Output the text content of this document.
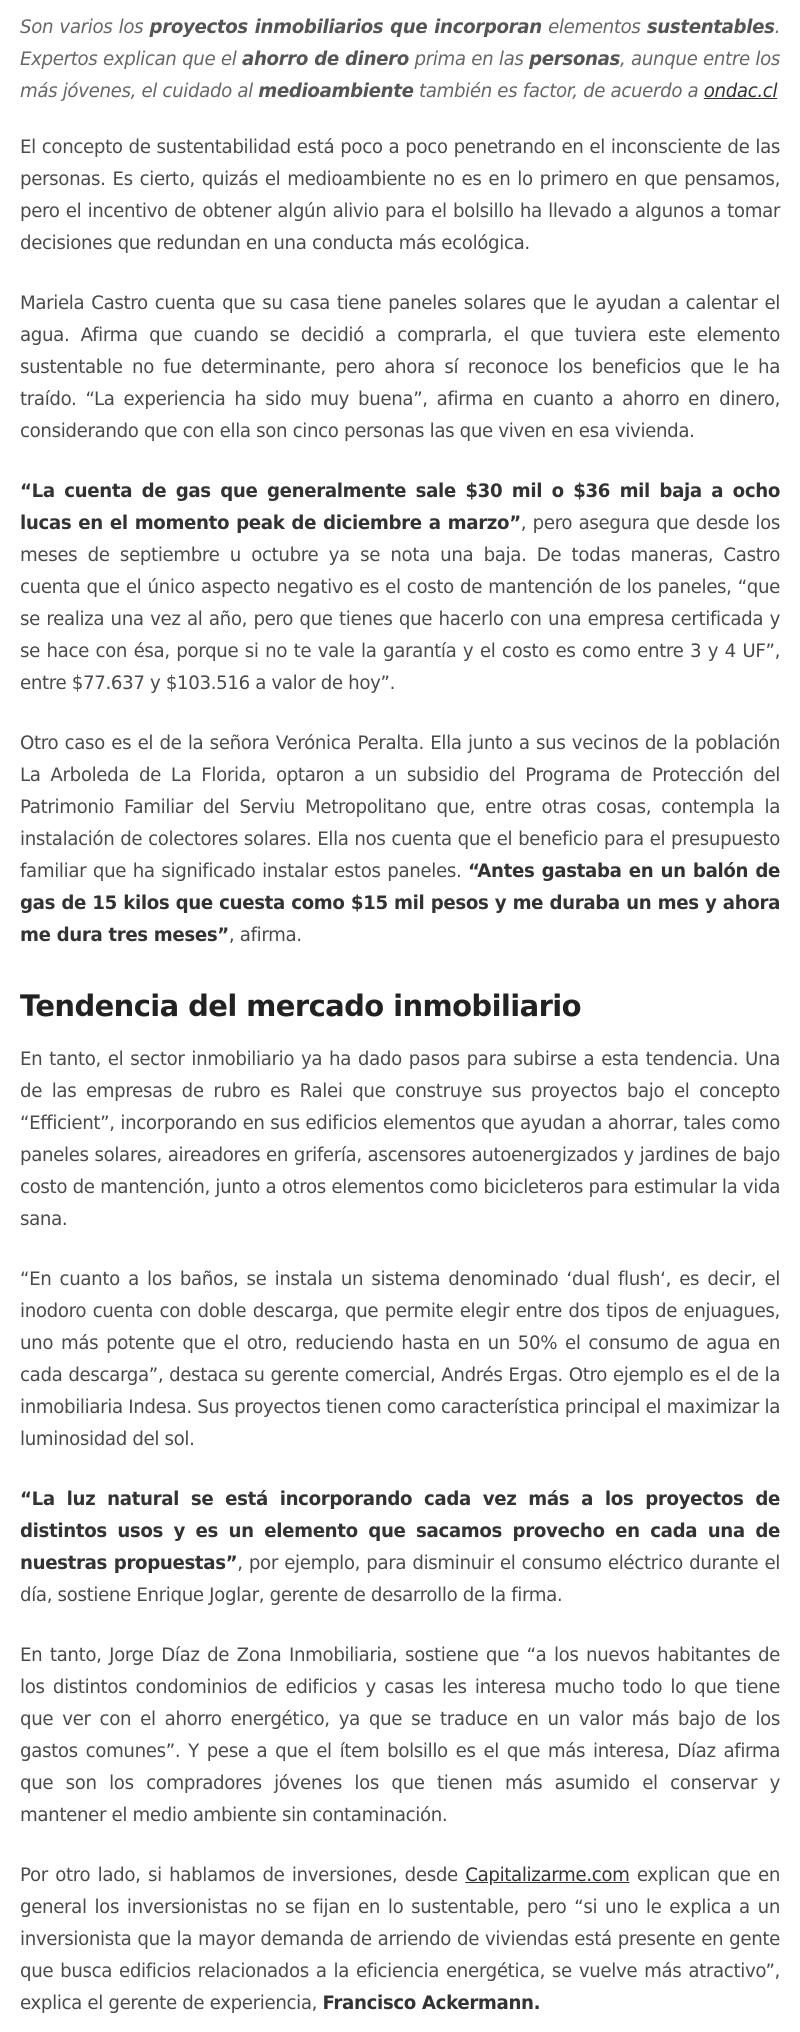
Son varios los proyectos inmobiliarios que incorporan elementos sustentables. Expertos explican que el ahorro de dinero prima en las personas, aunque entre los más jóvenes, el cuidado al medioambiente también es factor, de acuerdo a ondac.cl

El concepto de sustentabilidad está poco a poco penetrando en el inconsciente de las personas. Es cierto, quizás el medioambiente no es en lo primero en que pensamos, pero el incentivo de obtener algún alivio para el bolsillo ha llevado a algunos a tomar decisiones que redundan en una conducta más ecológica.

Mariela Castro cuenta que su casa tiene paneles solares que le ayudan a calentar el agua. Afirma que cuando se decidió a comprarla, el que tuviera este elemento sustentable no fue determinante, pero ahora sí reconoce los beneficios que le ha traído. “La experiencia ha sido muy buena”, afirma en cuanto a ahorro en dinero, considerando que con ella son cinco personas las que viven en esa vivienda.

“La cuenta de gas que generalmente sale $30 mil o $36 mil baja a ocho lucas en el momento peak de diciembre a marzo”, pero asegura que desde los meses de septiembre u octubre ya se nota una baja. De todas maneras, Castro cuenta que el único aspecto negativo es el costo de mantención de los paneles, “que se realiza una vez al año, pero que tienes que hacerlo con una empresa certificada y se hace con ésa, porque si no te vale la garantía y el costo es como entre 3 y 4 UF”, entre $77.637 y $103.516 a valor de hoy”.

Otro caso es el de la señora Verónica Peralta. Ella junto a sus vecinos de la población La Arboleda de La Florida, optaron a un subsidio del Programa de Protección del Patrimonio Familiar del Serviu Metropolitano que, entre otras cosas, contempla la instalación de colectores solares. Ella nos cuenta que el beneficio para el presupuesto familiar que ha significado instalar estos paneles. “Antes gastaba en un balón de gas de 15 kilos que cuesta como $15 mil pesos y me duraba un mes y ahora me dura tres meses”, afirma.

Tendencia del mercado inmobiliario

En tanto, el sector inmobiliario ya ha dado pasos para subirse a esta tendencia. Una de las empresas de rubro es Ralei que construye sus proyectos bajo el concepto “Efficient”, incorporando en sus edificios elementos que ayudan a ahorrar, tales como paneles solares, aireadores en grifería, ascensores autoenergizados y jardines de bajo costo de mantención, junto a otros elementos como bicicleteros para estimular la vida sana.

“En cuanto a los baños, se instala un sistema denominado ‘dual flush‘, es decir, el inodoro cuenta con doble descarga, que permite elegir entre dos tipos de enjuagues, uno más potente que el otro, reduciendo hasta en un 50% el consumo de agua en cada descarga”, destaca su gerente comercial, Andrés Ergas. Otro ejemplo es el de la inmobiliaria Indesa. Sus proyectos tienen como característica principal el maximizar la luminosidad del sol.

“La luz natural se está incorporando cada vez más a los proyectos de distintos usos y es un elemento que sacamos provecho en cada una de nuestras propuestas”, por ejemplo, para disminuir el consumo eléctrico durante el día, sostiene Enrique Joglar, gerente de desarrollo de la firma.

En tanto, Jorge Díaz de Zona Inmobiliaria, sostiene que “a los nuevos habitantes de los distintos condominios de edificios y casas les interesa mucho todo lo que tiene que ver con el ahorro energético, ya que se traduce en un valor más bajo de los gastos comunes”. Y pese a que el ítem bolsillo es el que más interesa, Díaz afirma que son los compradores jóvenes los que tienen más asumido el conservar y mantener el medio ambiente sin contaminación.

Por otro lado, si hablamos de inversiones, desde Capitalizarme.com explican que en general los inversionistas no se fijan en lo sustentable, pero “si uno le explica a un inversionista que la mayor demanda de arriendo de viviendas está presente en gente que busca edificios relacionados a la eficiencia energética, se vuelve más atractivo”, explica el gerente de experiencia, Francisco Ackermann.
